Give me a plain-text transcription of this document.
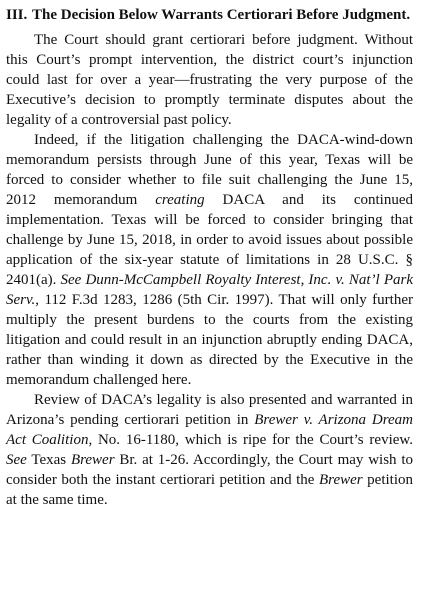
III. The Decision Below Warrants Certiorari Before Judgment.

The Court should grant certiorari before judgment. Without this Court’s prompt intervention, the district court’s injunction could last for over a year—frustrating the very purpose of the Executive’s decision to promptly terminate disputes about the legality of a controversial past policy.

Indeed, if the litigation challenging the DACA-wind-down memorandum persists through June of this year, Texas will be forced to consider whether to file suit challenging the June 15, 2012 memorandum creating DACA and its continued implementation. Texas will be forced to consider bringing that challenge by June 15, 2018, in order to avoid issues about possible application of the six-year statute of limitations in 28 U.S.C. § 2401(a). See Dunn-McCampbell Royalty Interest, Inc. v. Nat’l Park Serv., 112 F.3d 1283, 1286 (5th Cir. 1997). That will only further multiply the present burdens to the courts from the existing litigation and could result in an injunction abruptly ending DACA, rather than winding it down as directed by the Executive in the memorandum challenged here.

Review of DACA’s legality is also presented and warranted in Arizona’s pending certiorari petition in Brewer v. Arizona Dream Act Coalition, No. 16-1180, which is ripe for the Court’s review. See Texas Brewer Br. at 1-26. Accordingly, the Court may wish to consider both the instant certiorari petition and the Brewer petition at the same time.
